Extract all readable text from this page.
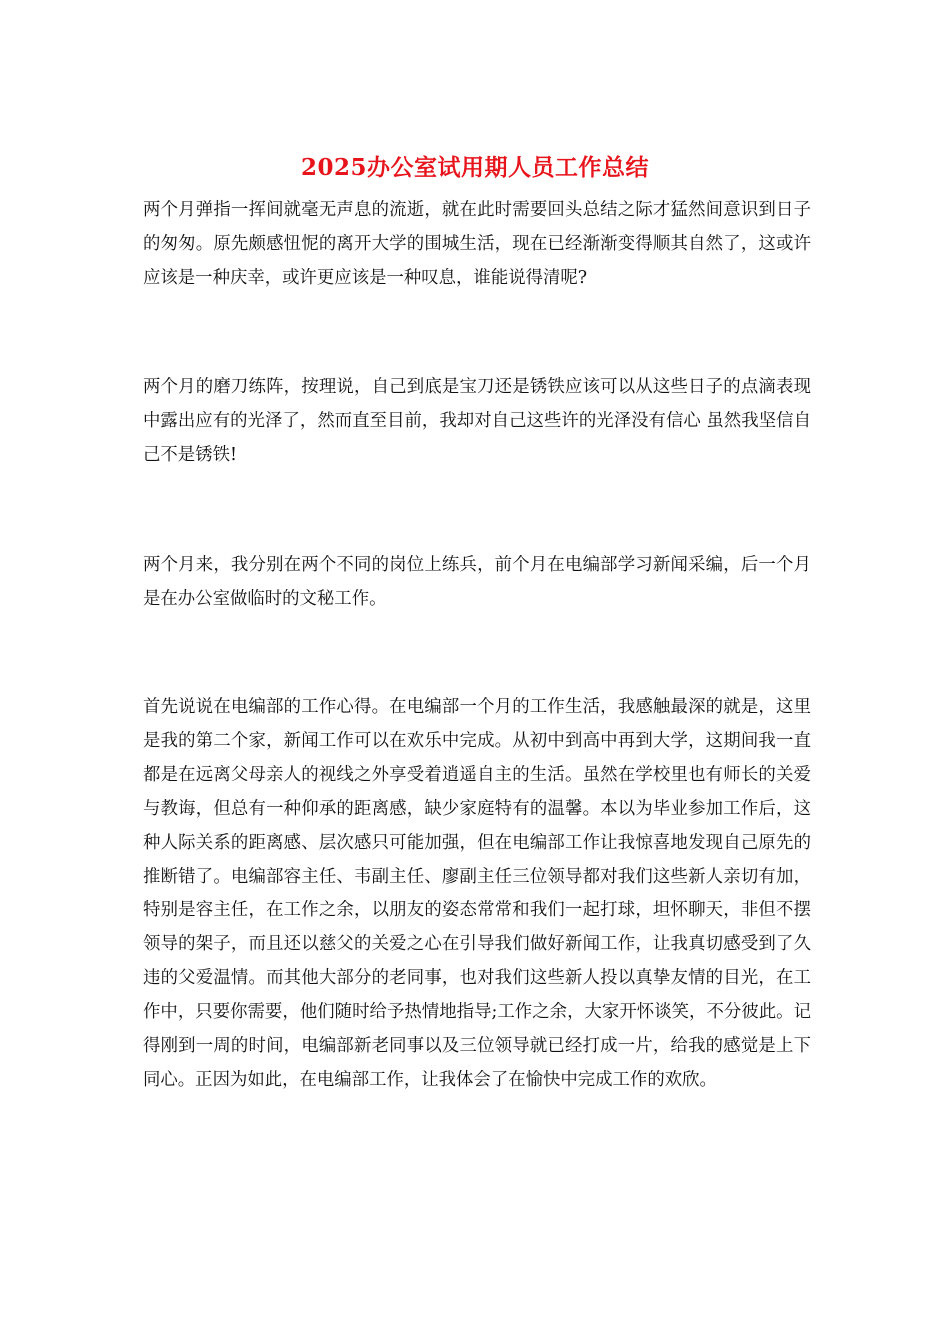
2025办公室试用期人员工作总结

两个月弹指一挥间就毫无声息的流逝，就在此时需要回头总结之际才猛然间意识到日子的匆匆。原先颇感忸怩的离开大学的围城生活，现在已经渐渐变得顺其自然了，这或许应该是一种庆幸，或许更应该是一种叹息，谁能说得清呢?

两个月的磨刀练阵，按理说，自己到底是宝刀还是锈铁应该可以从这些日子的点滴表现中露出应有的光泽了，然而直至目前，我却对自己这些许的光泽没有信心 虽然我坚信自己不是锈铁!

两个月来，我分别在两个不同的岗位上练兵，前个月在电编部学习新闻采编，后一个月是在办公室做临时的文秘工作。

首先说说在电编部的工作心得。在电编部一个月的工作生活，我感触最深的就是，这里是我的第二个家，新闻工作可以在欢乐中完成。从初中到高中再到大学，这期间我一直都是在远离父母亲人的视线之外享受着逍遥自主的生活。虽然在学校里也有师长的关爱与教诲，但总有一种仰承的距离感，缺少家庭特有的温馨。本以为毕业参加工作后，这种人际关系的距离感、层次感只可能加强，但在电编部工作让我惊喜地发现自己原先的推断错了。电编部容主任、韦副主任、廖副主任三位领导都对我们这些新人亲切有加，特别是容主任，在工作之余，以朋友的姿态常常和我们一起打球，坦怀聊天，非但不摆领导的架子，而且还以慈父的关爱之心在引导我们做好新闻工作，让我真切感受到了久违的父爱温情。而其他大部分的老同事，也对我们这些新人投以真挚友情的目光，在工作中，只要你需要，他们随时给予热情地指导;工作之余，大家开怀谈笑，不分彼此。记得刚到一周的时间，电编部新老同事以及三位领导就已经打成一片，给我的感觉是上下同心。正因为如此，在电编部工作，让我体会了在愉快中完成工作的欢欣。
